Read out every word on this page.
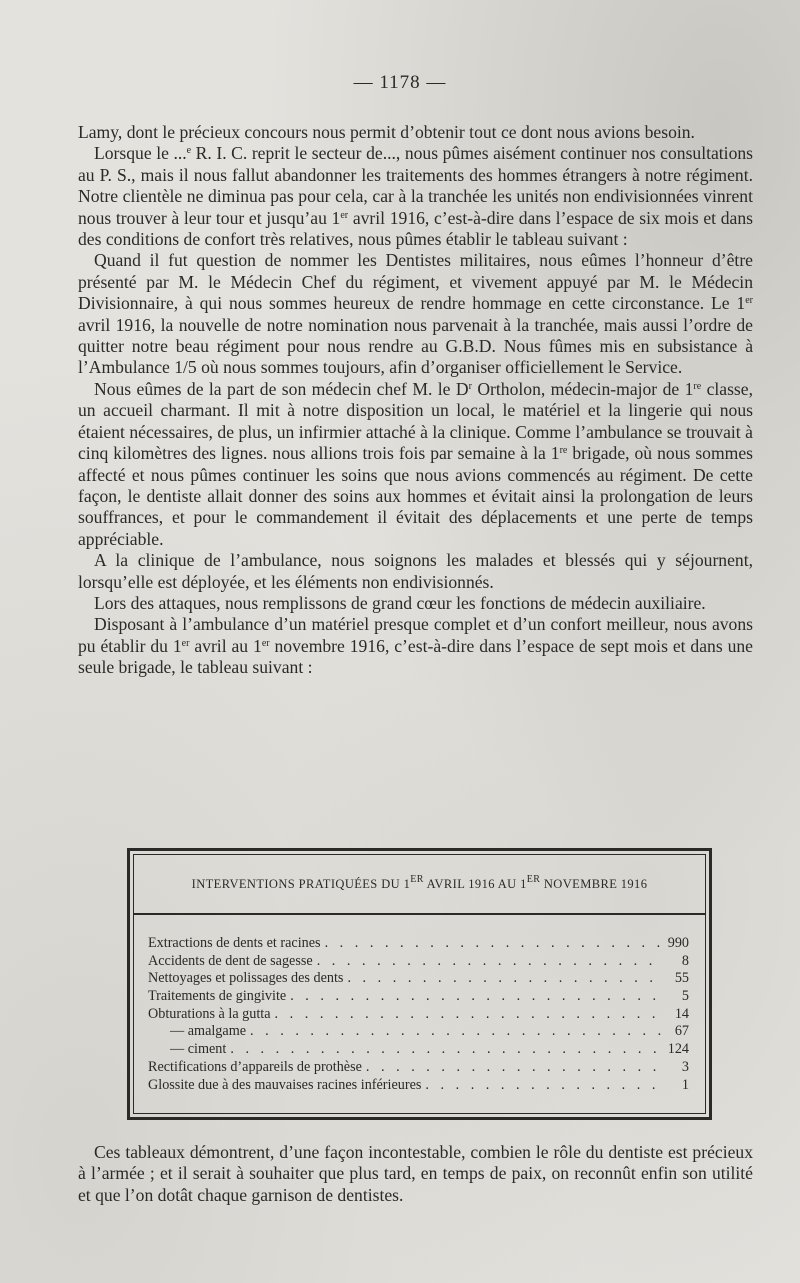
— 1178 —

Lamy, dont le précieux concours nous permit d’obtenir tout ce dont nous avions besoin.

Lorsque le ...$^e$ R. I. C. reprit le secteur de..., nous pûmes aisément continuer nos consultations au P. S., mais il nous fallut abandonner les traitements des hommes étrangers à notre régiment. Notre clientèle ne diminua pas pour cela, car à la tranchée les unités non endivisionnées vinrent nous trouver à leur tour et jusqu’au 1er avril 1916, c’est-à-dire dans l’espace de six mois et dans des conditions de confort très relatives, nous pûmes établir le tableau suivant :

Quand il fut question de nommer les Dentistes militaires, nous eûmes l’honneur d’être présenté par M. le Médecin Chef du régiment, et vivement appuyé par M. le Médecin Divisionnaire, à qui nous sommes heureux de rendre hommage en cette circonstance. Le 1er avril 1916, la nouvelle de notre nomination nous parvenait à la tranchée, mais aussi l’ordre de quitter notre beau régiment pour nous rendre au G.B.D. Nous fûmes mis en subsistance à l’Ambulance 1/5 où nous sommes toujours, afin d’organiser officiellement le Service.

Nous eûmes de la part de son médecin chef M. le $D^r$ Ortholon, médecin-major de 1re classe, un accueil charmant. Il mit à notre disposition un local, le matériel et la lingerie qui nous étaient nécessaires, de plus, un infirmier attaché à la clinique. Comme l’ambulance se trouvait à cinq kilomètres des lignes. nous allions trois fois par semaine à la 1re brigade, où nous sommes affecté et nous pûmes continuer les soins que nous avions commencés au régiment. De cette façon, le dentiste allait donner des soins aux hommes et évitait ainsi la prolongation de leurs souffrances, et pour le commandement il évitait des déplacements et une perte de temps appréciable.

A la clinique de l’ambulance, nous soignons les malades et blessés qui y séjournent, lorsqu’elle est déployée, et les éléments non endivisionnés.

Lors des attaques, nous remplissons de grand cœur les fonctions de médecin auxiliaire.

Disposant à l’ambulance d’un matériel presque complet et d’un confort meilleur, nous avons pu établir du 1er avril au 1er novembre 1916, c’est-à-dire dans l’espace de sept mois et dans une seule brigade, le tableau suivant :

INTERVENTIONS PRATIQUÉES DU 1ER AVRIL 1916 AU 1ER NOVEMBRE 1916
Extractions de dents et racines . . .	990
Accidents de dent de sagesse . . .	8
Nettoyages et polissages des dents . . .	55
Traitements de gingivite . . .	5
Obturations à la gutta . . .	14
— amalgame . . .	67
— ciment . . .	124
Rectifications d’appareils de prothèse . . .	3
Glossite due à des mauvaises racines inférieures . . .	1
Ces tableaux démontrent, d’une façon incontestable, combien le rôle du dentiste est précieux à l’armée ; et il serait à souhaiter que plus tard, en temps de paix, on reconnût enfin son utilité et que l’on dotât chaque garnison de dentistes.
